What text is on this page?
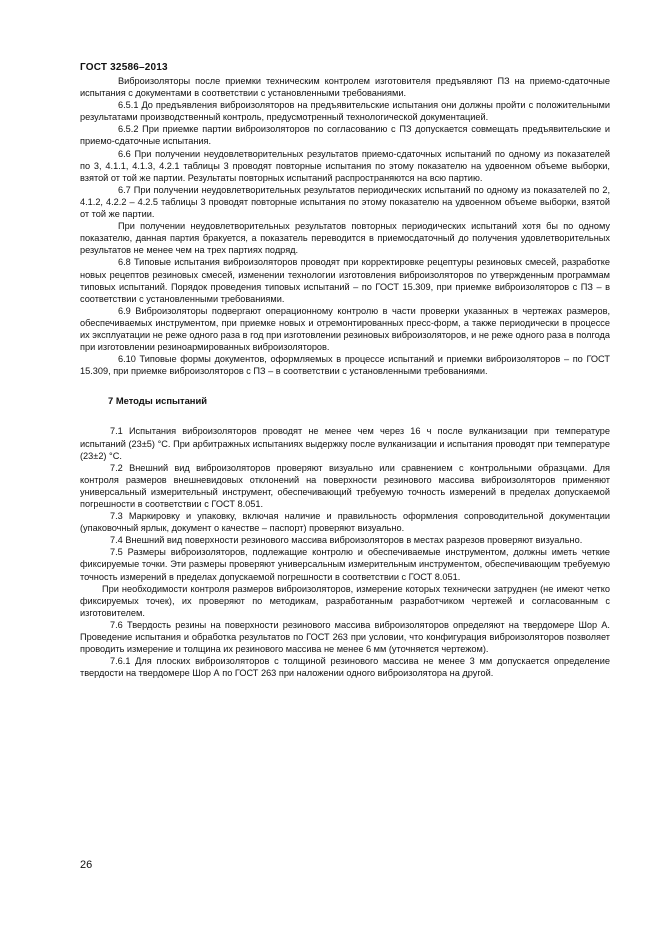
ГОСТ 32586–2013

Виброизоляторы после приемки техническим контролем изготовителя предъявляют ПЗ на приемо-сдаточные испытания с документами в соответствии с установленными требованиями.

6.5.1 До предъявления виброизоляторов на предъявительские испытания они должны пройти с положительными результатами производственный контроль, предусмотренный технологической документацией.

6.5.2 При приемке партии виброизоляторов по согласованию с ПЗ допускается совмещать предъявительские и приемо-сдаточные испытания.

6.6 При получении неудовлетворительных результатов приемо-сдаточных испытаний по одному из показателей по 3, 4.1.1, 4.1.3, 4.2.1 таблицы 3 проводят повторные испытания по этому показателю на удвоенном объеме выборки, взятой от той же партии. Результаты повторных испытаний распространяются на всю партию.

6.7 При получении неудовлетворительных результатов периодических испытаний по одному из показателей по 2, 4.1.2, 4.2.2 – 4.2.5 таблицы 3 проводят повторные испытания по этому показателю на удвоенном объеме выборки, взятой от той же партии.

При получении неудовлетворительных результатов повторных периодических испытаний хотя бы по одному показателю, данная партия бракуется, а показатель переводится в приемосдаточный до получения удовлетворительных результатов не менее чем на трех партиях подряд.

6.8 Типовые испытания виброизоляторов проводят при корректировке рецептуры резиновых смесей, разработке новых рецептов резиновых смесей, изменении технологии изготовления виброизоляторов по утвержденным программам типовых испытаний. Порядок проведения типовых испытаний – по ГОСТ 15.309, при приемке виброизоляторов с ПЗ – в соответствии с установленными требованиями.

6.9 Виброизоляторы подвергают операционному контролю в части проверки указанных в чертежах размеров, обеспечиваемых инструментом, при приемке новых и отремонтированных пресс-форм, а также периодически в процессе их эксплуатации не реже одного раза в год при изготовлении резиновых виброизоляторов, и не реже одного раза в полгода при изготовлении резиноармированных виброизоляторов.

6.10 Типовые формы документов, оформляемых в процессе испытаний и приемки виброизоляторов – по ГОСТ 15.309, при приемке виброизоляторов с ПЗ – в соответствии с установленными требованиями.

7 Методы испытаний

7.1 Испытания виброизоляторов проводят не менее чем через 16 ч после вулканизации при температуре испытаний (23±5) °С. При арбитражных испытаниях выдержку после вулканизации и испытания проводят при температуре (23±2) °С.

7.2 Внешний вид виброизоляторов проверяют визуально или сравнением с контрольными образцами. Для контроля размеров внешневидовых отклонений на поверхности резинового массива виброизоляторов применяют универсальный измерительный инструмент, обеспечивающий требуемую точность измерений в пределах допускаемой погрешности в соответствии с ГОСТ 8.051.

7.3 Маркировку и упаковку, включая наличие и правильность оформления сопроводительной документации (упаковочный ярлык, документ о качестве – паспорт) проверяют визуально.

7.4 Внешний вид поверхности резинового массива виброизоляторов в местах разрезов проверяют визуально.

7.5 Размеры виброизоляторов, подлежащие контролю и обеспечиваемые инструментом, должны иметь четкие фиксируемые точки. Эти размеры проверяют универсальным измерительным инструментом, обеспечивающим требуемую точность измерений в пределах допускаемой погрешности в соответствии с ГОСТ 8.051.

При необходимости контроля размеров виброизоляторов, измерение которых технически затруднен (не имеют четко фиксируемых точек), их проверяют по методикам, разработанным разработчиком чертежей и согласованным с изготовителем.

7.6 Твердость резины на поверхности резинового массива виброизоляторов определяют на твердомере Шор А. Проведение испытания и обработка результатов по ГОСТ 263 при условии, что конфигурация виброизоляторов позволяет проводить измерение и толщина их резинового массива не менее 6 мм (уточняется чертежом).

7.6.1 Для плоских виброизоляторов с толщиной резинового массива не менее 3 мм допускается определение твердости на твердомере Шор А по ГОСТ 263 при наложении одного виброизолятора на другой.

26
